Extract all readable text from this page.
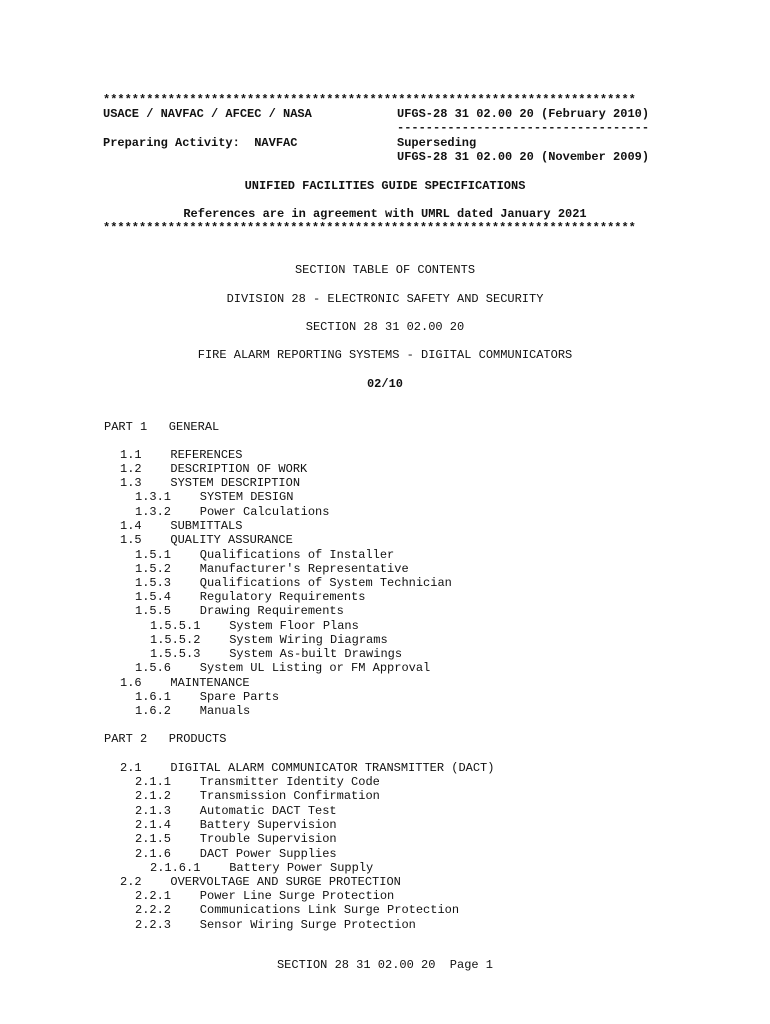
**************************************************************************
USACE / NAVFAC / AFCEC / NASA	UFGS-28 31 02.00 20 (February 2010)
-----------------------------------
Preparing Activity:  NAVFAC	Superseding
UFGS-28 31 02.00 20 (November 2009)
UNIFIED FACILITIES GUIDE SPECIFICATIONS
References are in agreement with UMRL dated January 2021
**************************************************************************
SECTION TABLE OF CONTENTS
DIVISION 28 - ELECTRONIC SAFETY AND SECURITY
SECTION 28 31 02.00 20
FIRE ALARM REPORTING SYSTEMS - DIGITAL COMMUNICATORS
02/10
PART 1   GENERAL
1.1    REFERENCES
1.2    DESCRIPTION OF WORK
1.3    SYSTEM DESCRIPTION
1.3.1    SYSTEM DESIGN
1.3.2    Power Calculations
1.4    SUBMITTALS
1.5    QUALITY ASSURANCE
1.5.1    Qualifications of Installer
1.5.2    Manufacturer's Representative
1.5.3    Qualifications of System Technician
1.5.4    Regulatory Requirements
1.5.5    Drawing Requirements
1.5.5.1    System Floor Plans
1.5.5.2    System Wiring Diagrams
1.5.5.3    System As-built Drawings
1.5.6    System UL Listing or FM Approval
1.6    MAINTENANCE
1.6.1    Spare Parts
1.6.2    Manuals
PART 2   PRODUCTS
2.1    DIGITAL ALARM COMMUNICATOR TRANSMITTER (DACT)
2.1.1    Transmitter Identity Code
2.1.2    Transmission Confirmation
2.1.3    Automatic DACT Test
2.1.4    Battery Supervision
2.1.5    Trouble Supervision
2.1.6    DACT Power Supplies
2.1.6.1    Battery Power Supply
2.2    OVERVOLTAGE AND SURGE PROTECTION
2.2.1    Power Line Surge Protection
2.2.2    Communications Link Surge Protection
2.2.3    Sensor Wiring Surge Protection
SECTION 28 31 02.00 20  Page 1
